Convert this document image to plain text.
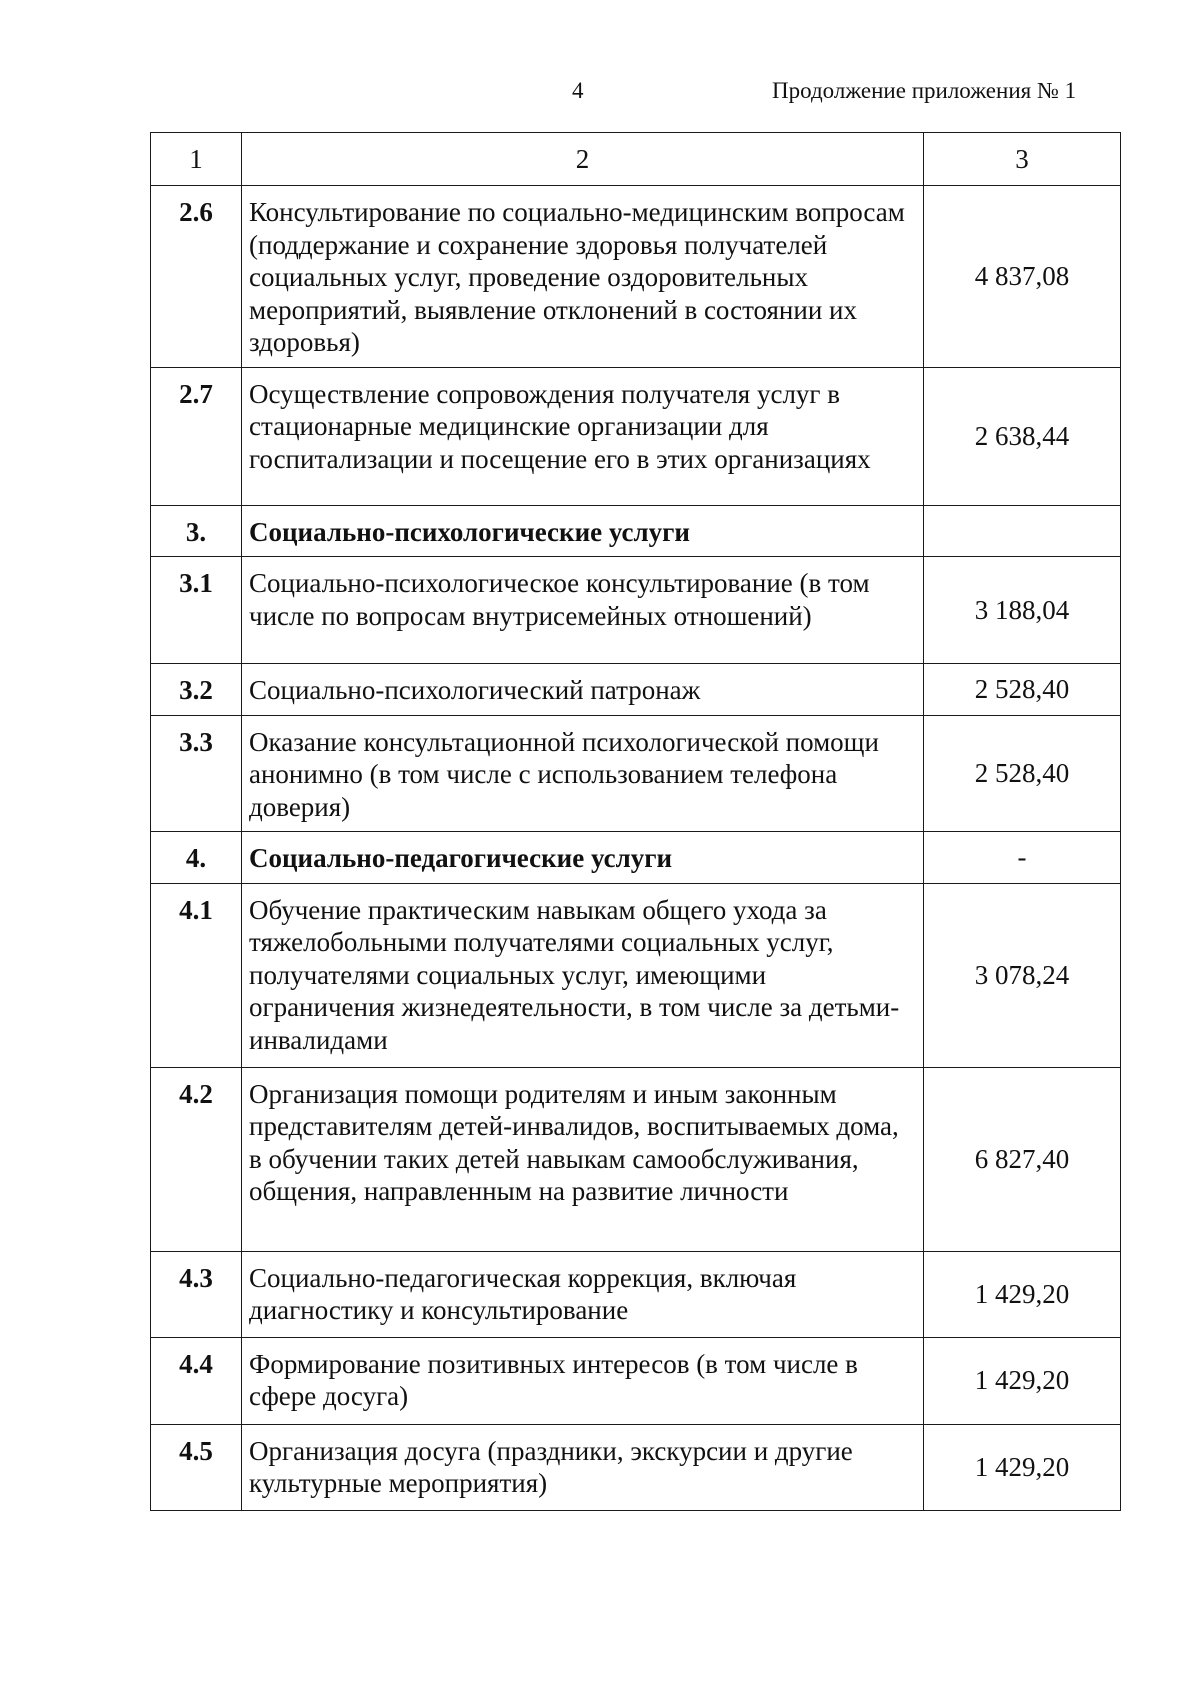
4	Продолжение приложения № 1
1	2	3
2.6	Консультирование по социально-медицинским вопросам (поддержание и сохранение здоровья получателей социальных услуг, проведение оздоровительных мероприятий, выявление отклонений в состоянии их здоровья)	4 837,08
2.7	Осуществление сопровождения получателя услуг в стационарные медицинские организации для госпитализации и посещение его в этих организациях	2 638,44
3.	Социально-психологические услуги	
3.1	Социально-психологическое консультирование (в том числе по вопросам внутрисемейных отношений)	3 188,04
3.2	Социально-психологический патронаж	2 528,40
3.3	Оказание консультационной психологической помощи анонимно (в том числе с использованием телефона доверия)	2 528,40
4.	Социально-педагогические услуги	-
4.1	Обучение практическим навыкам общего ухода за тяжелобольными получателями социальных услуг, получателями социальных услуг, имеющими ограничения жизнедеятельности, в том числе за детьми-инвалидами	3 078,24
4.2	Организация помощи родителям и иным законным представителям детей-инвалидов, воспитываемых дома, в обучении таких детей навыкам самообслуживания, общения, направленным на развитие личности	6 827,40
4.3	Социально-педагогическая коррекция, включая диагностику и консультирование	1 429,20
4.4	Формирование позитивных интересов (в том числе в сфере досуга)	1 429,20
4.5	Организация досуга (праздники, экскурсии и другие культурные мероприятия)	1 429,20
